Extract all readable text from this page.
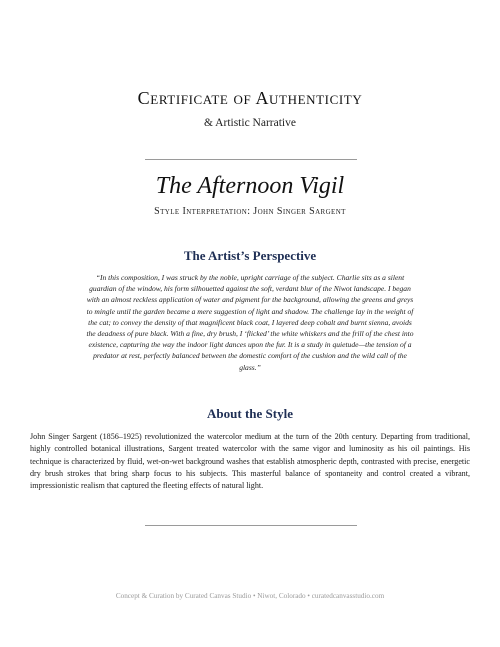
Certificate of Authenticity
& Artistic Narrative
The Afternoon Vigil
Style Interpretation: John Singer Sargent
The Artist’s Perspective
“In this composition, I was struck by the noble, upright carriage of the subject. Charlie sits as a silent guardian of the window, his form silhouetted against the soft, verdant blur of the Niwot landscape. I began with an almost reckless application of water and pigment for the background, allowing the greens and greys to mingle until the garden became a mere suggestion of light and shadow. The challenge lay in the weight of the cat; to convey the density of that magnificent black coat, I layered deep cobalt and burnt sienna, avoids the deadness of pure black. With a fine, dry brush, I ‘flicked’ the white whiskers and the frill of the chest into existence, capturing the way the indoor light dances upon the fur. It is a study in quietude—the tension of a predator at rest, perfectly balanced between the domestic comfort of the cushion and the wild call of the glass.”
About the Style
John Singer Sargent (1856–1925) revolutionized the watercolor medium at the turn of the 20th century. Departing from traditional, highly controlled botanical illustrations, Sargent treated watercolor with the same vigor and luminosity as his oil paintings. His technique is characterized by fluid, wet-on-wet background washes that establish atmospheric depth, contrasted with precise, energetic dry brush strokes that bring sharp focus to his subjects. This masterful balance of spontaneity and control created a vibrant, impressionistic realism that captured the fleeting effects of natural light.
Concept & Curation by Curated Canvas Studio • Niwot, Colorado • curatedcanvasstudio.com
